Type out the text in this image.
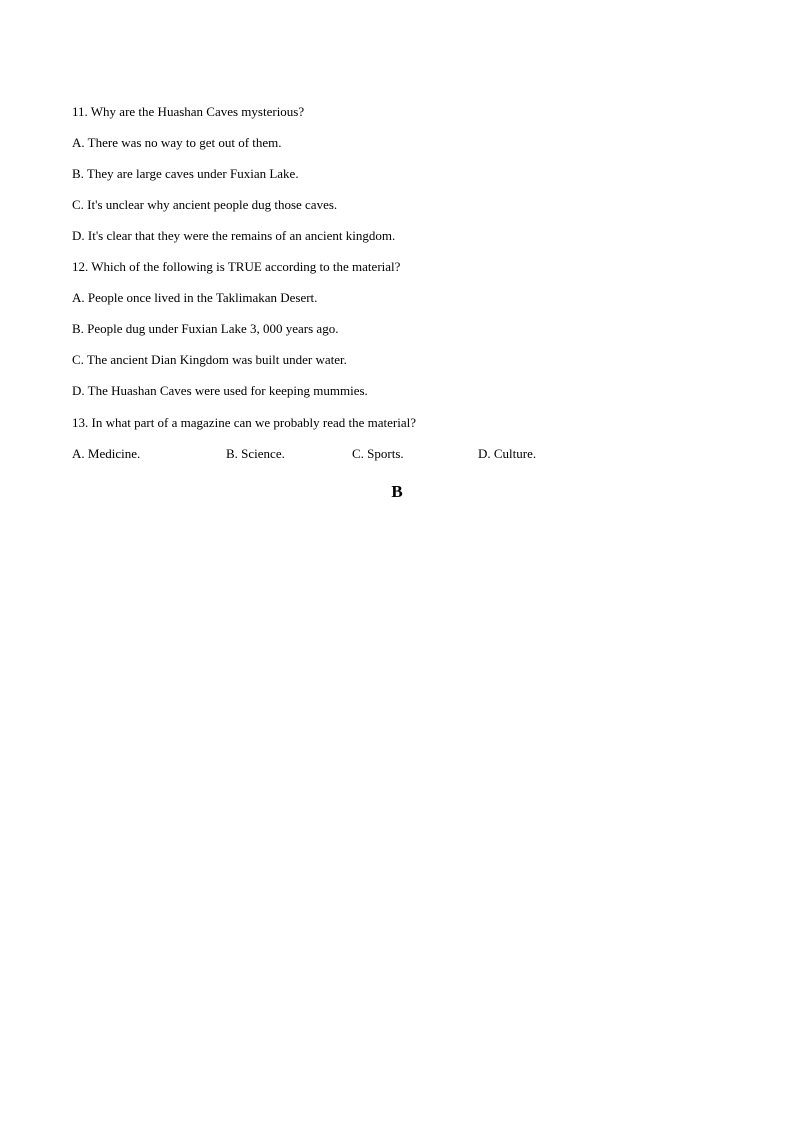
11. Why are the Huashan Caves mysterious?

A. There was no way to get out of them.

B. They are large caves under Fuxian Lake.

C. It's unclear why ancient people dug those caves.

D. It's clear that they were the remains of an ancient kingdom.

12. Which of the following is TRUE according to the material?

A. People once lived in the Taklimakan Desert.

B. People dug under Fuxian Lake 3, 000 years ago.

C. The ancient Dian Kingdom was built under water.

D. The Huashan Caves were used for keeping mummies.

13. In what part of a magazine can we probably read the material?

A. Medicine.	B. Science.	C. Sports.	D. Culture.
B
